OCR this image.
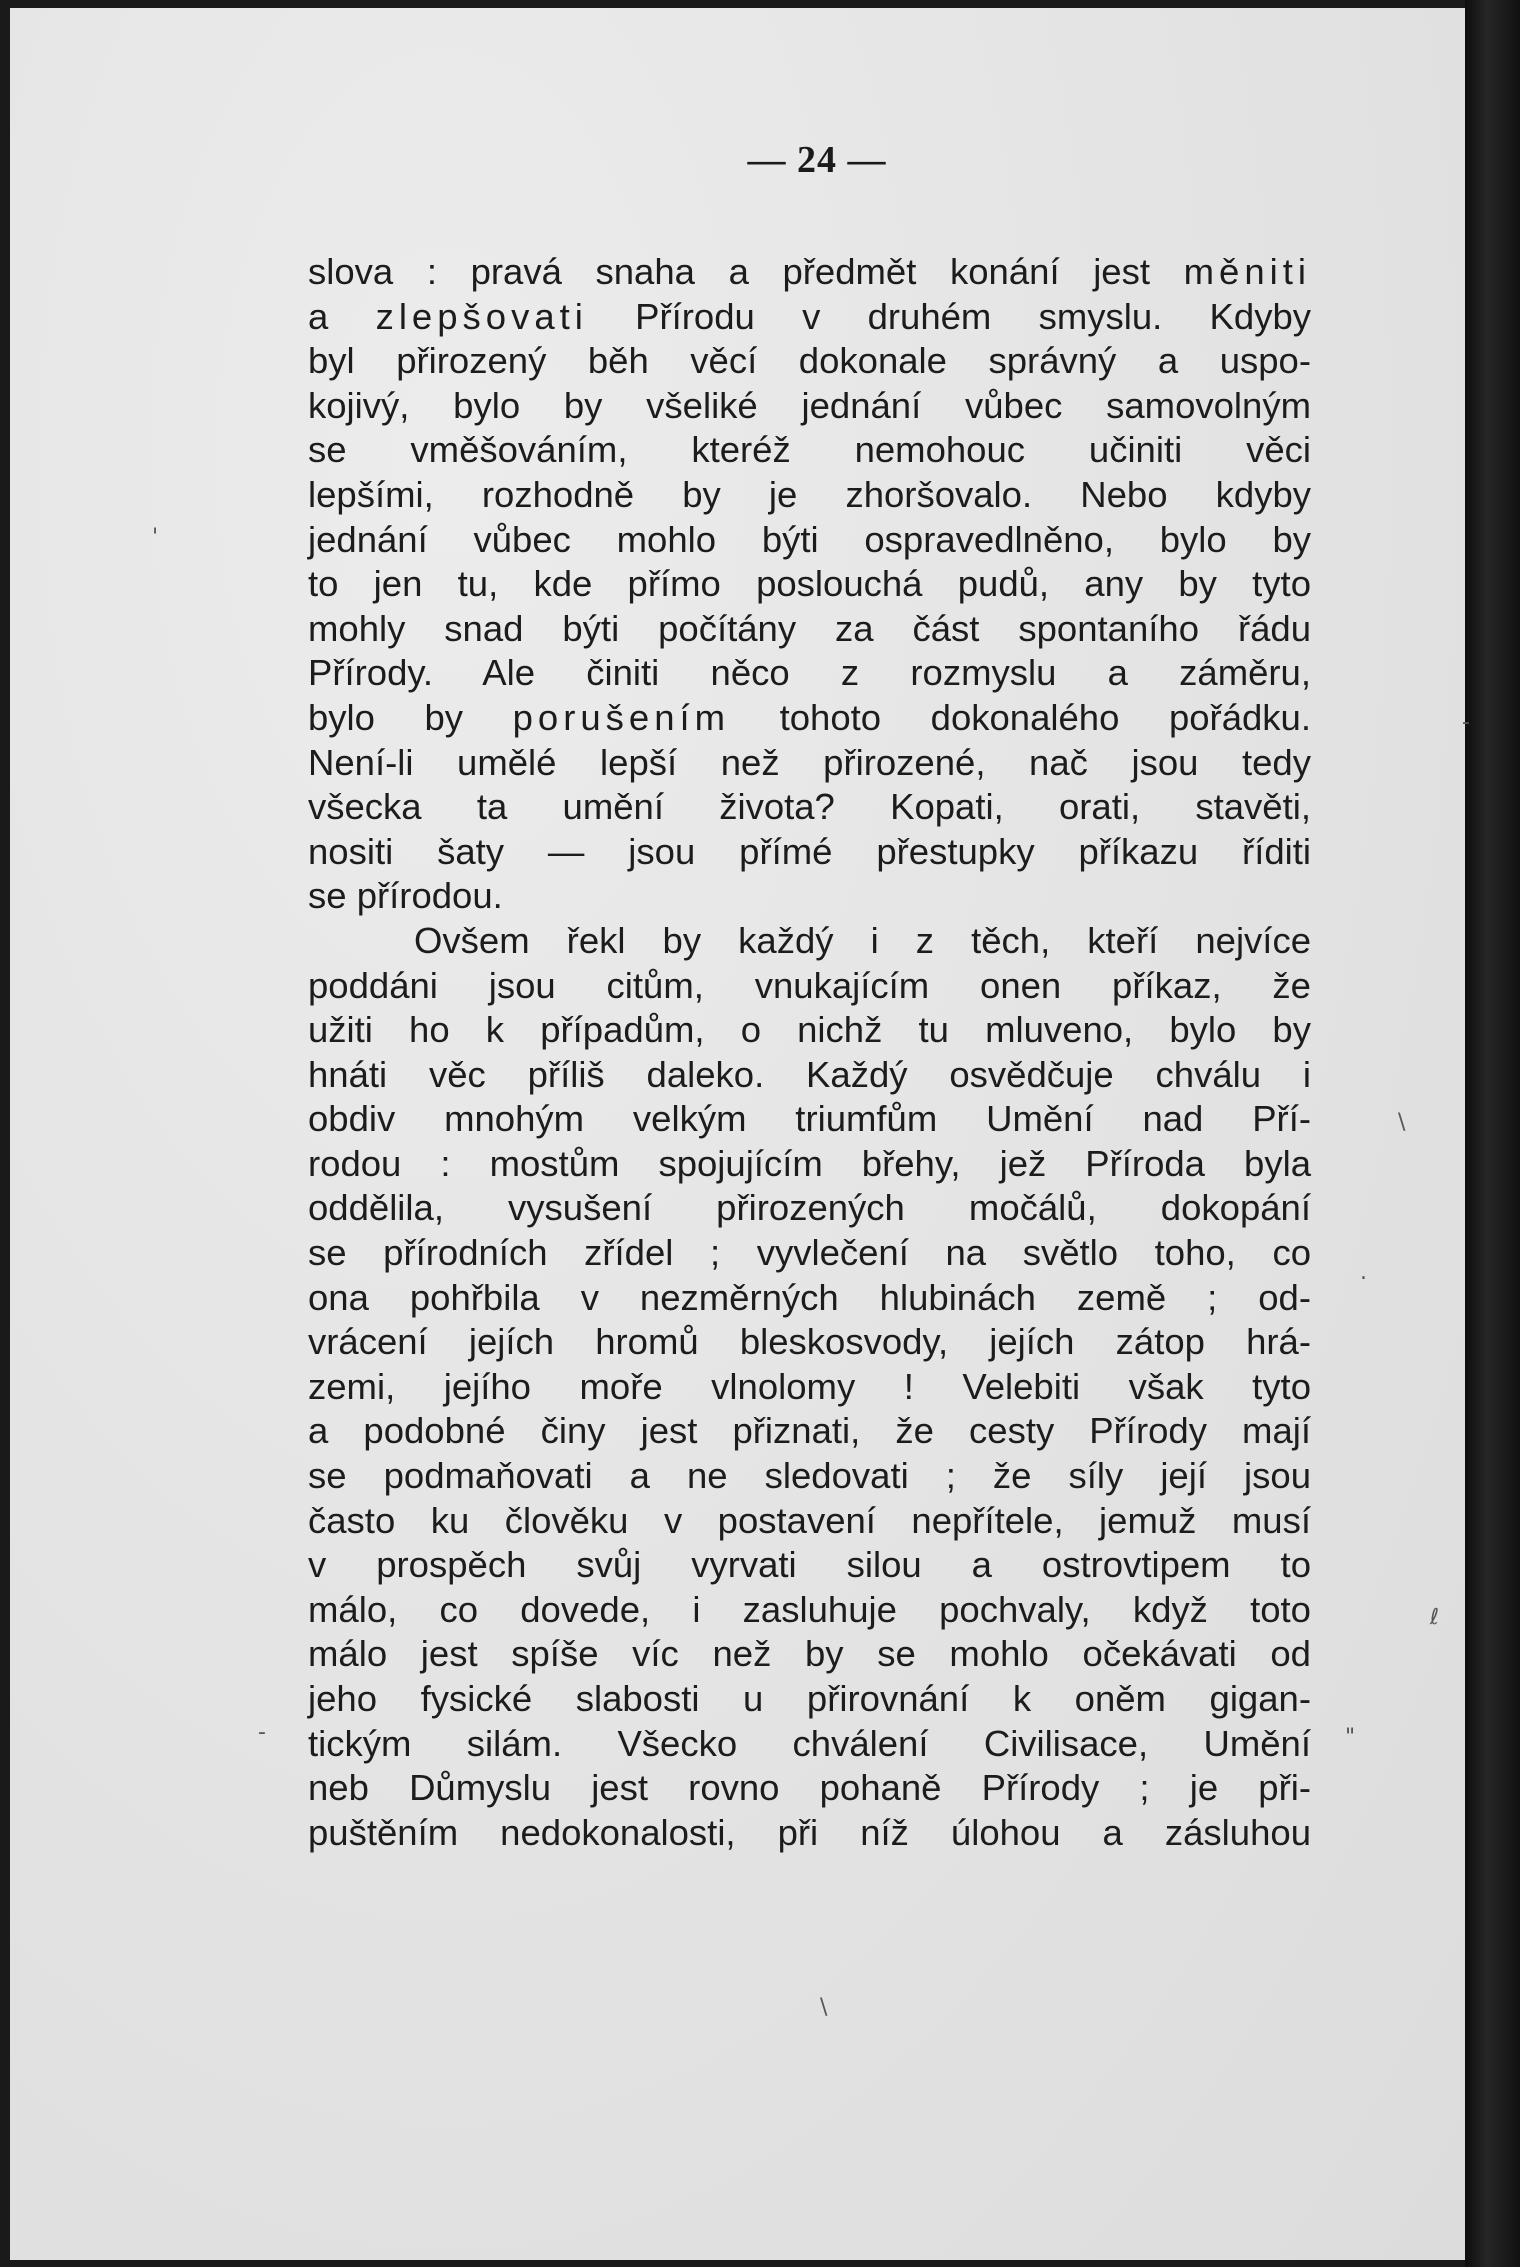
— 24 —
slova : pravá snaha a předmět konání jest měniti
a zlepšovati Přírodu v druhém smyslu. Kdyby
byl přirozený běh věcí dokonale správný a uspo-
kojivý, bylo by všeliké jednání vůbec samovolným
se vměšováním, kteréž nemohouc učiniti věci
lepšími, rozhodně by je zhoršovalo. Nebo kdyby
jednání vůbec mohlo býti ospravedlněno, bylo by
to jen tu, kde přímo poslouchá pudů, any by tyto
mohly snad býti počítány za část spontaního řádu
Přírody. Ale činiti něco z rozmyslu a záměru,
bylo by porušením tohoto dokonalého pořádku.
Není-li umělé lepší než přirozené, nač jsou tedy
všecka ta umění života? Kopati, orati, stavěti,
nositi šaty — jsou přímé přestupky příkazu říditi
se přírodou.
Ovšem řekl by každý i z těch, kteří nejvíce
poddáni jsou citům, vnukajícím onen příkaz, že
užiti ho k případům, o nichž tu mluveno, bylo by
hnáti věc příliš daleko. Každý osvědčuje chválu i
obdiv mnohým velkým triumfům Umění nad Pří-
rodou : mostům spojujícím břehy, jež Příroda byla
oddělila, vysušení přirozených močálů, dokopání
se přírodních zřídel ; vyvlečení na světlo toho, co
ona pohřbila v nezměrných hlubinách země ; od-
vrácení jejích hromů bleskosvody, jejích zátop hrá-
zemi, jejího moře vlnolomy ! Velebiti však tyto
a podobné činy jest přiznati, že cesty Přírody mají
se podmaňovati a ne sledovati ; že síly její jsou
často ku člověku v postavení nepřítele, jemuž musí
v prospěch svůj vyrvati silou a ostrovtipem to
málo, co dovede, i zasluhuje pochvaly, když toto
málo jest spíše víc než by se mohlo očekávati od
jeho fysické slabosti u přirovnání k oněm gigan-
tickým silám. Všecko chválení Civilisace, Umění
neb Důmyslu jest rovno pohaně Přírody ; je při-
puštěním nedokonalosti, při níž úlohou a zásluhou
'
\
.
\
ℓ
"
-
-
